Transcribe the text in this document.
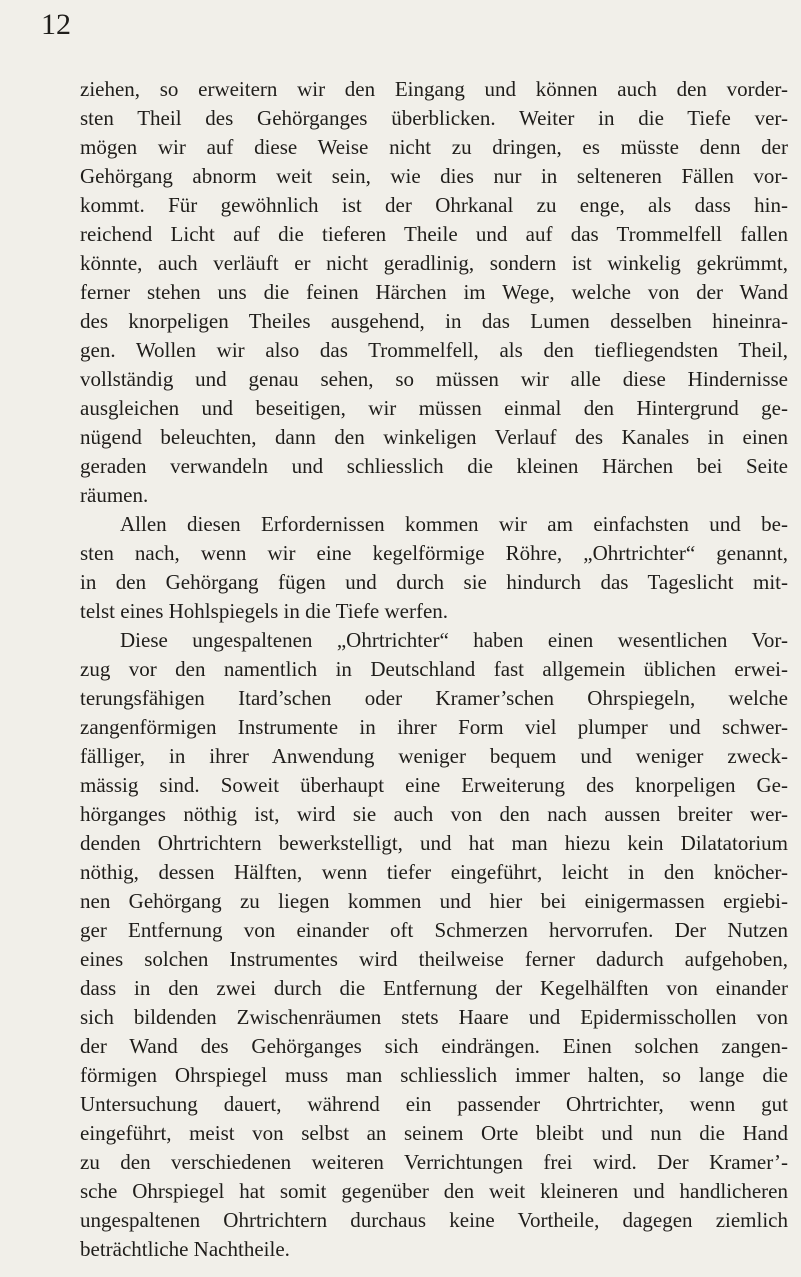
12

ziehen, so erweitern wir den Eingang und können auch den vorder-
sten Theil des Gehörganges überblicken. Weiter in die Tiefe ver-
mögen wir auf diese Weise nicht zu dringen, es müsste denn der
Gehörgang abnorm weit sein, wie dies nur in selteneren Fällen vor-
kommt. Für gewöhnlich ist der Ohrkanal zu enge, als dass hin-
reichend Licht auf die tieferen Theile und auf das Trommelfell fallen
könnte, auch verläuft er nicht geradlinig, sondern ist winkelig gekrümmt,
ferner stehen uns die feinen Härchen im Wege, welche von der Wand
des knorpeligen Theiles ausgehend, in das Lumen desselben hineinra-
gen. Wollen wir also das Trommelfell, als den tiefliegendsten Theil,
vollständig und genau sehen, so müssen wir alle diese Hindernisse
ausgleichen und beseitigen, wir müssen einmal den Hintergrund ge-
nügend beleuchten, dann den winkeligen Verlauf des Kanales in einen
geraden verwandeln und schliesslich die kleinen Härchen bei Seite
räumen.

Allen diesen Erfordernissen kommen wir am einfachsten und be-
sten nach, wenn wir eine kegelförmige Röhre, „Ohrtrichter“ genannt,
in den Gehörgang fügen und durch sie hindurch das Tageslicht mit-
telst eines Hohlspiegels in die Tiefe werfen.

Diese ungespaltenen „Ohrtrichter“ haben einen wesentlichen Vor-
zug vor den namentlich in Deutschland fast allgemein üblichen erwei-
terungsfähigen Itard’schen oder Kramer’schen Ohrspiegeln, welche
zangenförmigen Instrumente in ihrer Form viel plumper und schwer-
fälliger, in ihrer Anwendung weniger bequem und weniger zweck-
mässig sind. Soweit überhaupt eine Erweiterung des knorpeligen Ge-
hörganges nöthig ist, wird sie auch von den nach aussen breiter wer-
denden Ohrtrichtern bewerkstelligt, und hat man hiezu kein Dilatatorium
nöthig, dessen Hälften, wenn tiefer eingeführt, leicht in den knöcher-
nen Gehörgang zu liegen kommen und hier bei einigermassen ergiebi-
ger Entfernung von einander oft Schmerzen hervorrufen. Der Nutzen
eines solchen Instrumentes wird theilweise ferner dadurch aufgehoben,
dass in den zwei durch die Entfernung der Kegelhälften von einander
sich bildenden Zwischenräumen stets Haare und Epidermisschollen von
der Wand des Gehörganges sich eindrängen. Einen solchen zangen-
förmigen Ohrspiegel muss man schliesslich immer halten, so lange die
Untersuchung dauert, während ein passender Ohrtrichter, wenn gut
eingeführt, meist von selbst an seinem Orte bleibt und nun die Hand
zu den verschiedenen weiteren Verrichtungen frei wird. Der Kramer’-
sche Ohrspiegel hat somit gegenüber den weit kleineren und handlicheren
ungespaltenen Ohrtrichtern durchaus keine Vortheile, dagegen ziemlich
beträchtliche Nachtheile.
